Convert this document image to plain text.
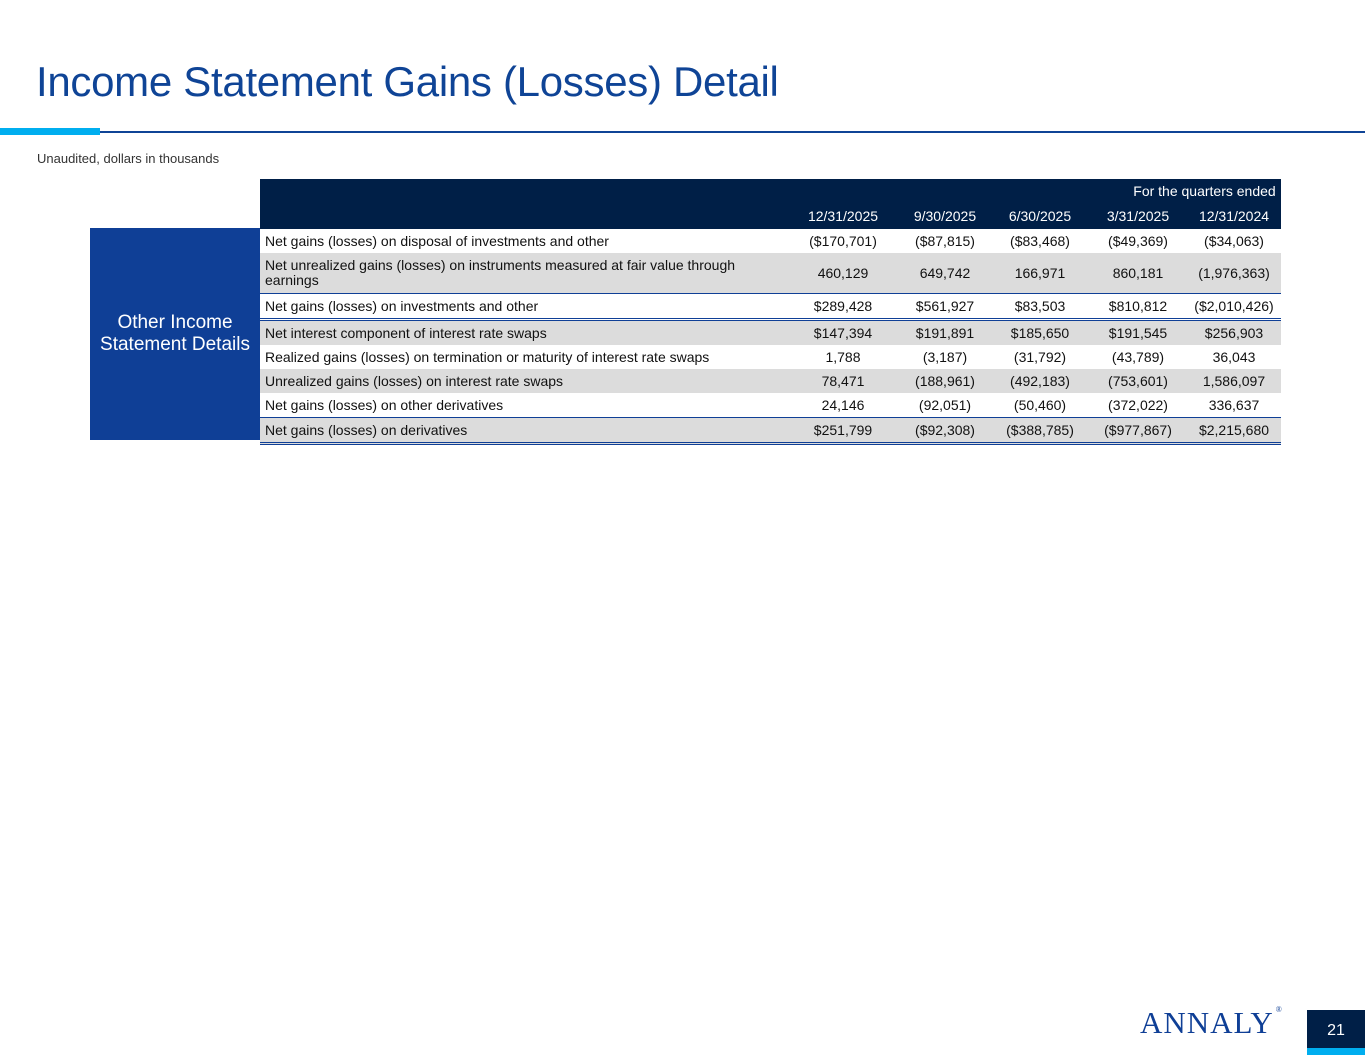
Income Statement Gains (Losses) Detail
Unaudited, dollars in thousands
For the quarters ended
12/31/2025	9/30/2025	6/30/2025	3/31/2025	12/31/2024
Other Income Statement Details
Net gains (losses) on disposal of investments and other	($170,701)	($87,815)	($83,468)	($49,369)	($34,063)
Net unrealized gains (losses) on instruments measured at fair value through earnings	460,129	649,742	166,971	860,181	(1,976,363)
Net gains (losses) on investments and other	$289,428	$561,927	$83,503	$810,812	($2,010,426)
Net interest component of interest rate swaps	$147,394	$191,891	$185,650	$191,545	$256,903
Realized gains (losses) on termination or maturity of interest rate swaps	1,788	(3,187)	(31,792)	(43,789)	36,043
Unrealized gains (losses) on interest rate swaps	78,471	(188,961)	(492,183)	(753,601)	1,586,097
Net gains (losses) on other derivatives	24,146	(92,051)	(50,460)	(372,022)	336,637
Net gains (losses) on derivatives	$251,799	($92,308)	($388,785)	($977,867)	$2,215,680
ANNALY ®
21
